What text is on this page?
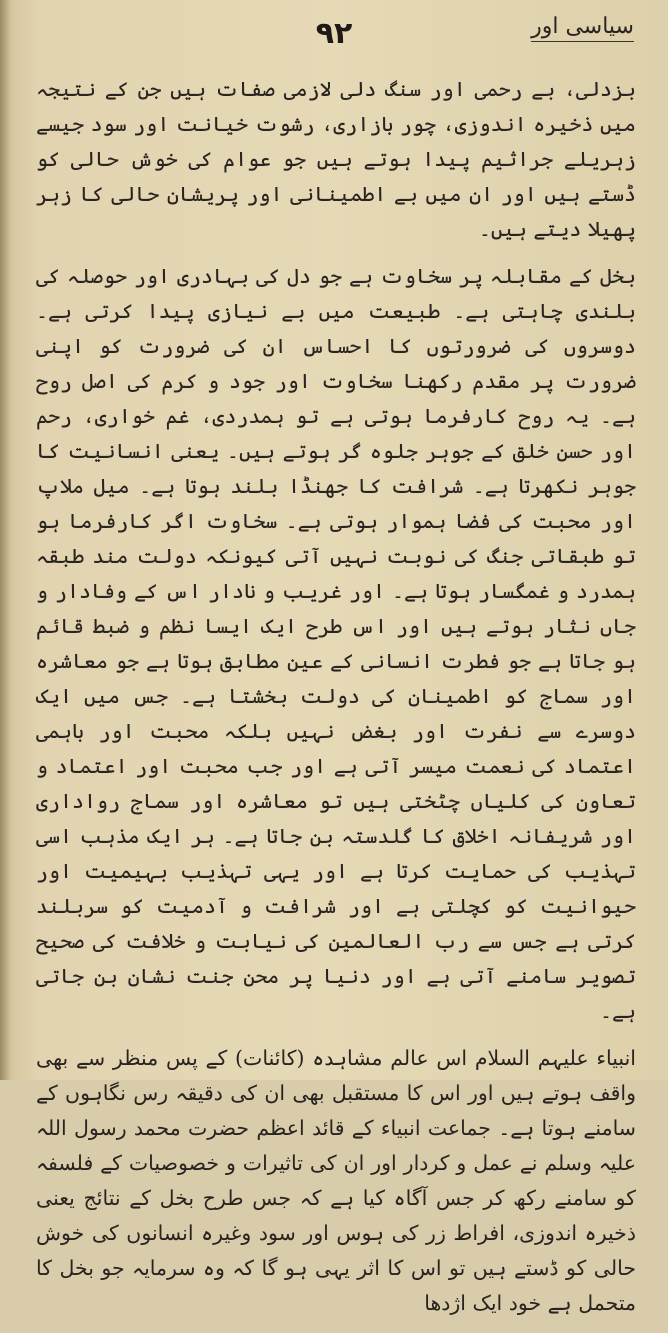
۹۲	سیاسی اور

بزدلی، بے رحمی اور سنگ دلی لازمی صفات ہیں جن کے نتیجہ میں ذخیرہ اندوزی، چور بازاری، رشوت خیانت اور سود جیسے زہریلے جراثیم پیدا ہوتے ہیں جو عوام کی خوش حالی کو ڈستے ہیں اور ان میں بے اطمینانی اور پریشان حالی کا زہر پھیلا دیتے ہیں۔

بخل کے مقابلہ پر سخاوت ہے جو دل کی بہادری اور حوصلہ کی بلندی چاہتی ہے۔ طبیعت میں بے نیازی پیدا کرتی ہے۔ دوسروں کی ضرورتوں کا احساس ان کی ضرورت کو اپنی ضرورت پر مقدم رکھنا سخاوت اور جود و کرم کی اصل روح ہے۔ یہ روح کارفرما ہوتی ہے تو ہمدردی، غم خواری، رحم اور حسن خلق کے جوہر جلوہ گر ہوتے ہیں۔ یعنی انسانیت کا جوہر نکھرتا ہے۔ شرافت کا جھنڈا بلند ہوتا ہے۔ میل ملاپ اور محبت کی فضا ہموار ہوتی ہے۔ سخاوت اگر کارفرما ہو تو طبقاتی جنگ کی نوبت نہیں آتی کیونکہ دولت مند طبقہ ہمدرد و غمگسار ہوتا ہے۔ اور غریب و نادار اس کے وفادار و جاں نثار ہوتے ہیں اور اس طرح ایک ایسا نظم و ضبط قائم ہو جاتا ہے جو فطرت انسانی کے عین مطابق ہوتا ہے جو معاشرہ اور سماج کو اطمینان کی دولت بخشتا ہے۔ جس میں ایک دوسرے سے نفرت اور بغض نہیں بلکہ محبت اور باہمی اعتماد کی نعمت میسر آتی ہے اور جب محبت اور اعتماد و تعاون کی کلیاں چٹختی ہیں تو معاشرہ اور سماج رواداری اور شریفانہ اخلاق کا گلدستہ بن جاتا ہے۔ ہر ایک مذہب اسی تہذیب کی حمایت کرتا ہے اور یہی تہذیب بہیمیت اور حیوانیت کو کچلتی ہے اور شرافت و آدمیت کو سربلند کرتی ہے جس سے رب العالمین کی نیابت و خلافت کی صحیح تصویر سامنے آتی ہے اور دنیا پر محن جنت نشان بن جاتی ہے۔

انبیاء علیہم السلام اس عالم مشاہدہ (کائنات) کے پس منظر سے بھی واقف ہوتے ہیں اور اس کا مستقبل بھی ان کی دقیقہ رس نگاہوں کے سامنے ہوتا ہے۔ جماعت انبیاء کے قائد اعظم حضرت محمد رسول اللہ علیہ وسلم نے عمل و کردار اور ان کی تاثیرات و خصوصیات کے فلسفہ کو سامنے رکھ کر جس آگاہ کیا ہے کہ جس طرح بخل کے نتائج یعنی ذخیرہ اندوزی، افراط زر کی ہوس اور سود وغیرہ انسانوں کی خوش حالی کو ڈستے ہیں تو اس کا اثر یہی ہو گا کہ وہ سرمایہ جو بخل کا متحمل ہے خود ایک اژدھا
